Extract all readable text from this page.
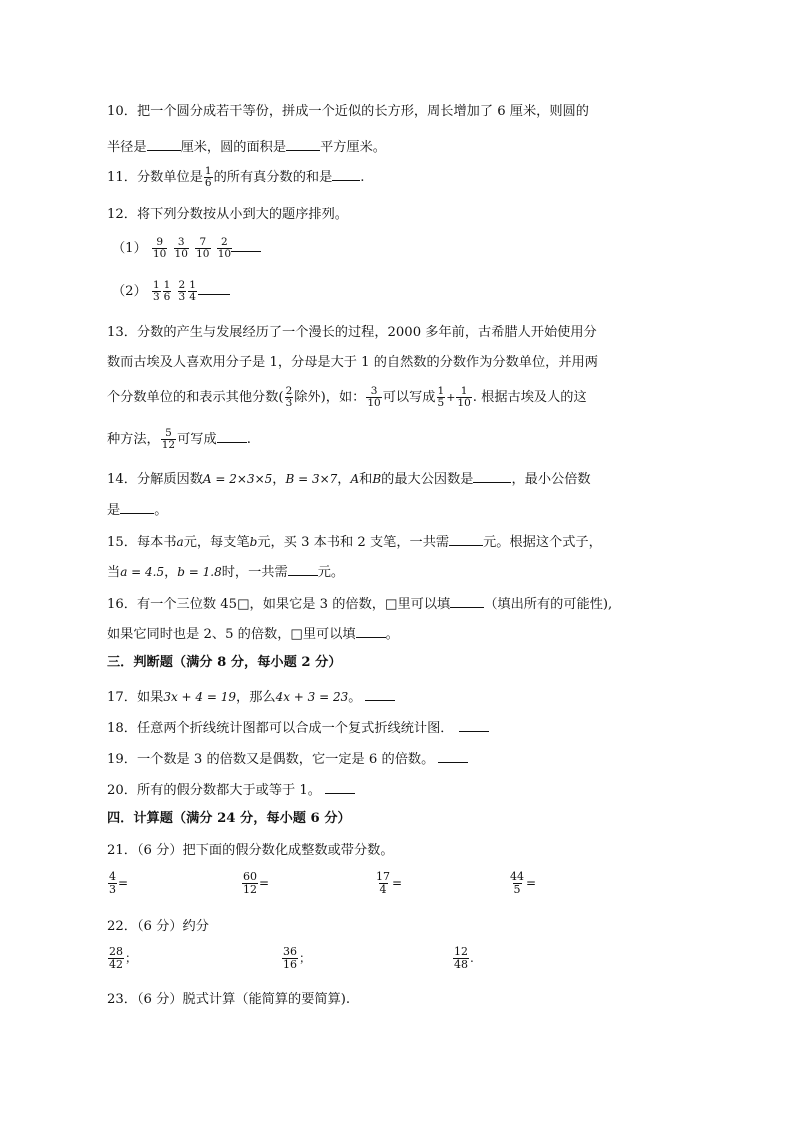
10．把一个圆分成若干等份，拼成一个近似的长方形，周长增加了 6 厘米，则圆的
半径是	厘米，圆的面积是	平方厘米。
11．分数单位是 $\frac{1}{6}$ 的所有真分数的和是 .
12．将下列分数按从小到大的题序排列。
$(1) \frac{9}{10}$
$\frac{3}{10}$
$\frac{7}{10}$
$\frac{2}{10}$
$(2) \frac{1}{3} \frac{1}{6}$
$\frac{2}{3} \frac{1}{4}$
13．分数的产生与发展经历了一个漫长的过程，2000 多年前，古希腊人开始使用分
数而古埃及人喜欢用分子是 1，分母是大于 1 的自然数的分数作为分数单位，并用两
个分数单位的和表示其他分数( $\frac{2}{3}$ 除外)，如： $\frac{3}{10}$ 可以写成 $\frac{1}{5} + \frac{1}{10}$ . 根据古埃及人的这
种方法， $\frac{5}{12}$ 可写成 .
14．分解质因数A = 2×3×5，B = 3×7，A和B的最大公因数是	，最小公倍数
是	。
15．每本书a元，每支笔b元，买 3 本书和 2 支笔，一共需	元。根据这个式子，
当a = 4.5，b = 1.8时，一共需 元。
16．有一个三位数 45□，如果它是 3 的倍数，□里可以填	（填出所有的可能性),
如果它同时也是 2、5 的倍数，□里可以填 。
三．判断题（满分 8 分，每小题 2 分）
17．如果3x + 4 = 19，那么4x + 3 = 23。
18．任意两个折线统计图都可以合成一个复式折线统计图．
19．一个数是 3 的倍数又是偶数，它一定是 6 的倍数。
20．所有的假分数都大于或等于 1。
四．计算题（满分 24 分，每小题 6 分）
21．（6 分）把下面的假分数化成整数或带分数。
$\frac{4}{3}$ =	$\frac{60}{12}$ =	$\frac{17}{4}$ =	$\frac{44}{5}$ =
22．（6 分）约分
$\frac{28}{42}$ ；	$\frac{36}{16}$ ；	$\frac{12}{48}$ .
23．（6 分）脱式计算（能简算的要简算).
